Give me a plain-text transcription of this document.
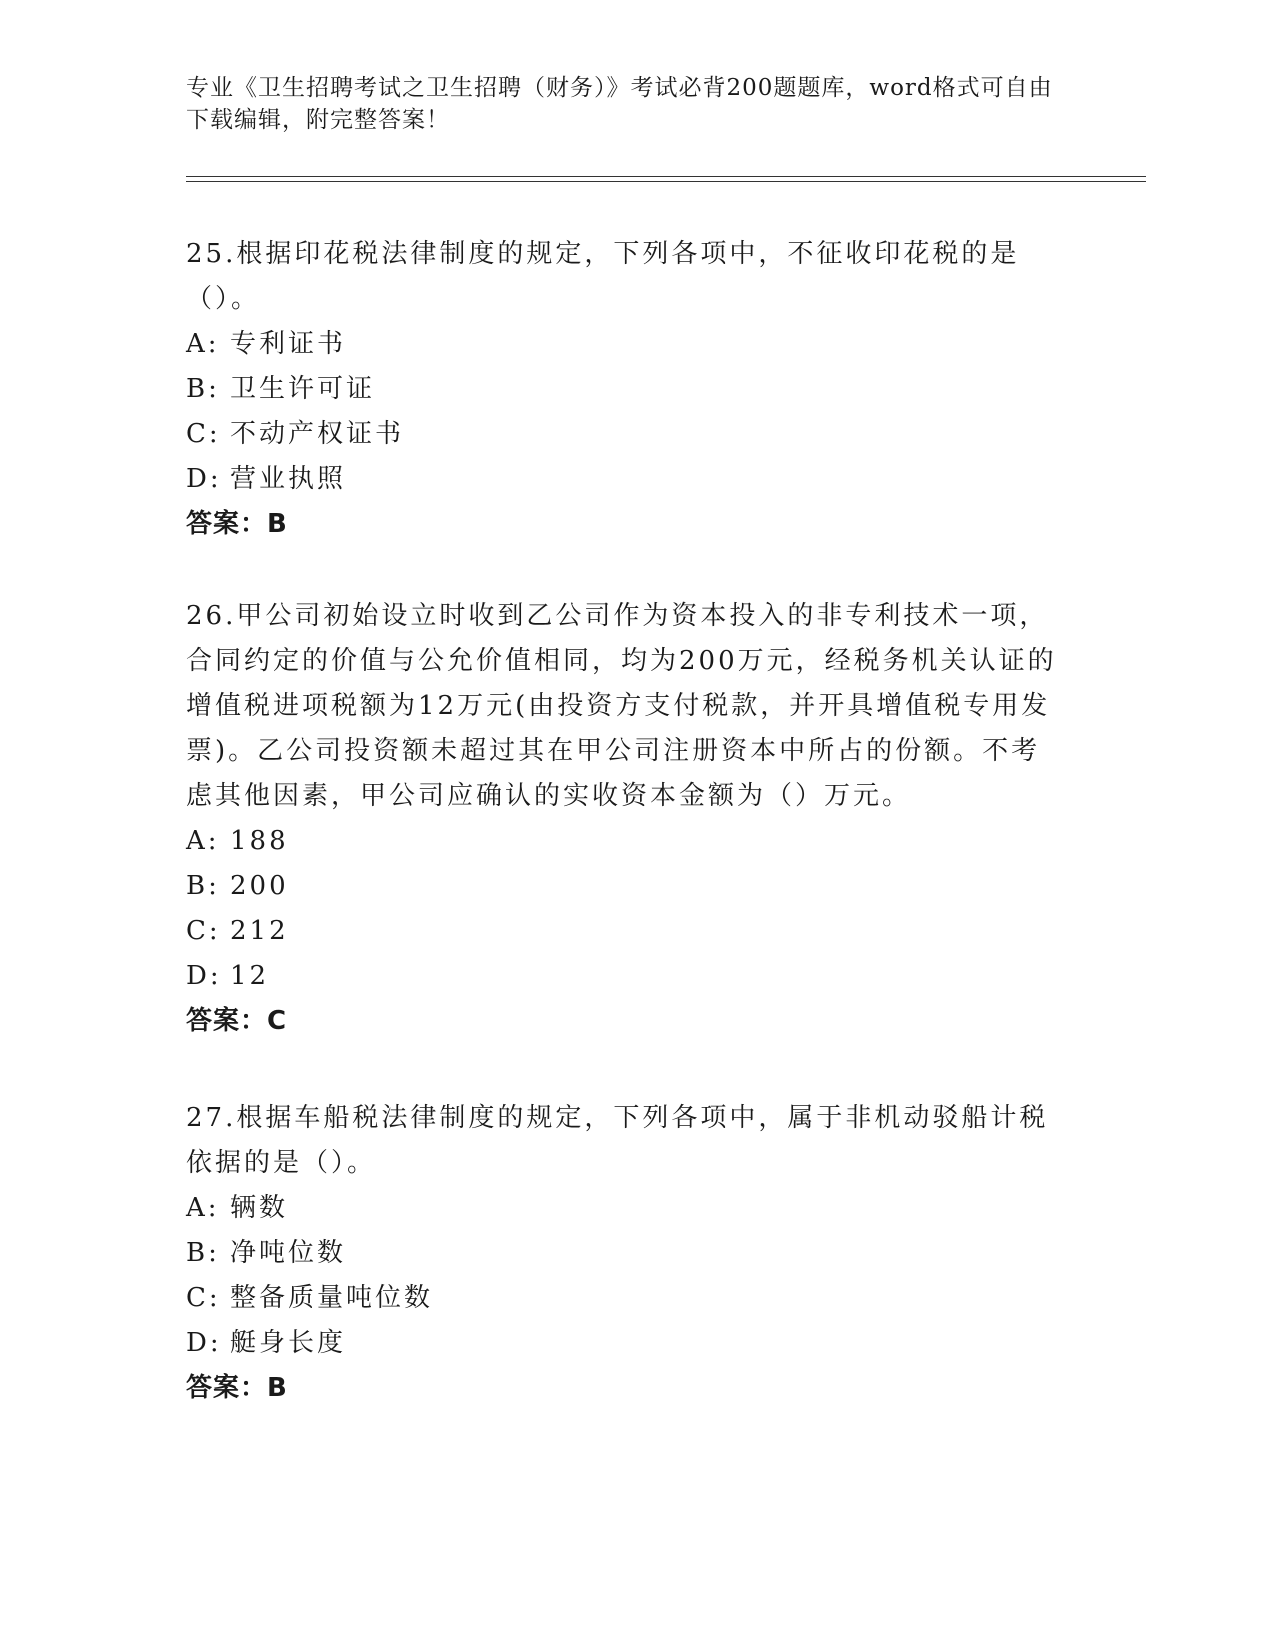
专业《卫生招聘考试之卫生招聘（财务）》考试必背200题题库，word格式可自由下载编辑，附完整答案！

25.根据印花税法律制度的规定，下列各项中，不征收印花税的是（）。

A: 专利证书

B: 卫生许可证

C: 不动产权证书

D: 营业执照

答案：B

26.甲公司初始设立时收到乙公司作为资本投入的非专利技术一项，合同约定的价值与公允价值相同，均为200万元，经税务机关认证的增值税进项税额为12万元(由投资方支付税款，并开具增值税专用发票)。乙公司投资额未超过其在甲公司注册资本中所占的份额。不考虑其他因素，甲公司应确认的实收资本金额为（）万元。

A: 188

B: 200

C: 212

D: 12

答案：C

27.根据车船税法律制度的规定，下列各项中，属于非机动驳船计税依据的是（）。

A: 辆数

B: 净吨位数

C: 整备质量吨位数

D: 艇身长度

答案：B
